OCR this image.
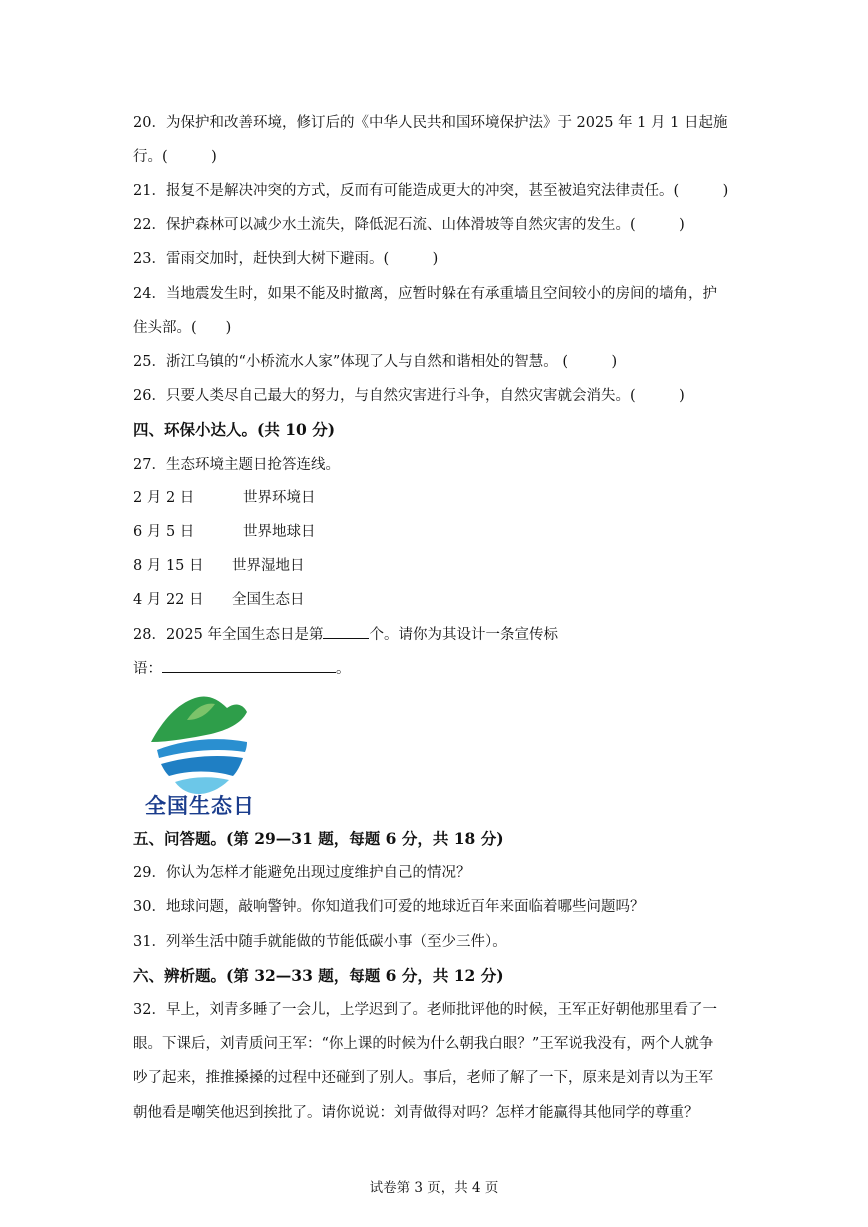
20．为保护和改善环境，修订后的《中华人民共和国环境保护法》于 2025 年 1 月 1 日起施
行。(　　　)
21．报复不是解决冲突的方式，反而有可能造成更大的冲突，甚至被追究法律责任。(　　　)
22．保护森林可以减少水土流失，降低泥石流、山体滑坡等自然灾害的发生。(　　　)
23．雷雨交加时，赶快到大树下避雨。(　　　)
24．当地震发生时，如果不能及时撤离，应暂时躲在有承重墙且空间较小的房间的墙角，护
住头部。(　　)
25．浙江乌镇的“小桥流水人家”体现了人与自然和谐相处的智慧。 (　　　)
26．只要人类尽自己最大的努力，与自然灾害进行斗争，自然灾害就会消失。(　　　)
四、环保小达人。(共 10 分)
27．生态环境主题日抢答连线。
2 月 2 日	世界环境日
6 月 5 日	世界地球日
8 月 15 日 世界湿地日
4 月 22 日 全国生态日
28．2025 年全国生态日是第	个。请你为其设计一条宣传标
语：	。
全国生态日
五、问答题。(第 29—31 题，每题 6 分，共 18 分)
29．你认为怎样才能避免出现过度维护自己的情况？
30．地球问题，敲响警钟。你知道我们可爱的地球近百年来面临着哪些问题吗？
31．列举生活中随手就能做的节能低碳小事（至少三件）。
六、辨析题。(第 32—33 题，每题 6 分，共 12 分)
32．早上，刘青多睡了一会儿，上学迟到了。老师批评他的时候，王军正好朝他那里看了一
眼。下课后，刘青质问王军：“你上课的时候为什么朝我白眼？”王军说我没有，两个人就争
吵了起来，推推搡搡的过程中还碰到了别人。事后，老师了解了一下，原来是刘青以为王军
朝他看是嘲笑他迟到挨批了。请你说说：刘青做得对吗？怎样才能赢得其他同学的尊重？
试卷第 3 页，共 4 页
